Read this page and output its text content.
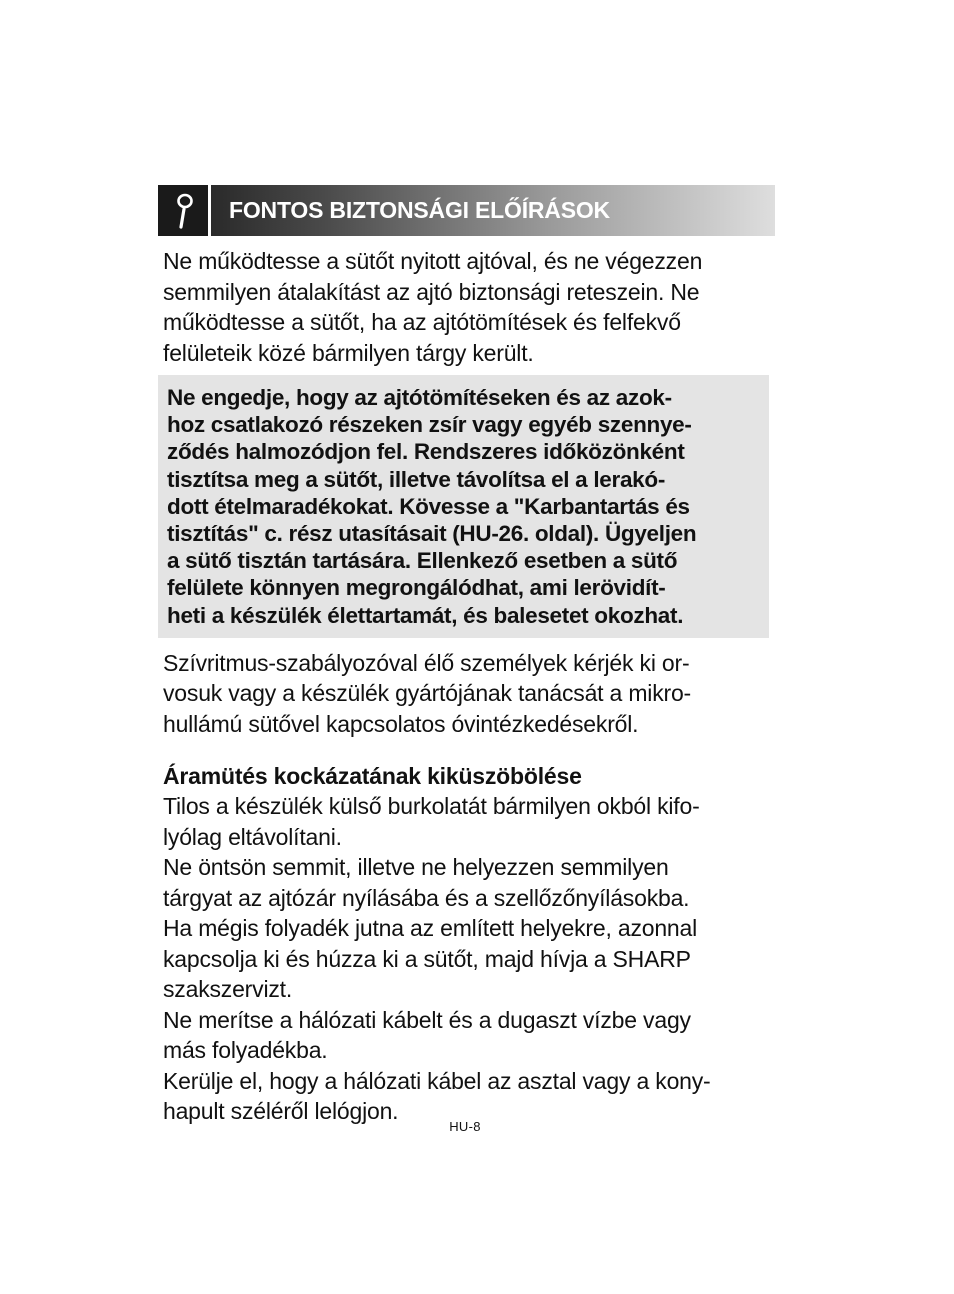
FONTOS BIZTONSÁGI ELŐÍRÁSOK

Ne működtesse a sütőt nyitott ajtóval, és ne végezzen
semmilyen átalakítást az ajtó biztonsági reteszein. Ne
működtesse a sütőt, ha az ajtótömítések és felfekvő
felületeik közé bármilyen tárgy került.

Ne engedje, hogy az ajtótömítéseken és az azok-
hoz csatlakozó részeken zsír vagy egyéb szennye-
ződés halmozódjon fel. Rendszeres időközönként
tisztítsa meg a sütőt, illetve távolítsa el a lerakó-
dott ételmaradékokat. Kövesse a "Karbantartás és
tisztítás" c. rész utasításait (HU-26. oldal). Ügyeljen
a sütő tisztán tartására. Ellenkező esetben a sütő
felülete könnyen megrongálódhat, ami lerövidít-
heti a készülék élettartamát, és balesetet okozhat.

Szívritmus-szabályozóval élő személyek kérjék ki or-
vosuk vagy a készülék gyártójának tanácsát a mikro-
hullámú sütővel kapcsolatos óvintézkedésekről.

Áramütés kockázatának kiküszöbölése

Tilos a készülék külső burkolatát bármilyen okból kifo-
lyólag eltávolítani.
Ne öntsön semmit, illetve ne helyezzen semmilyen
tárgyat az ajtózár nyílásába és a szellőzőnyílásokba.
Ha mégis folyadék jutna az említett helyekre, azonnal
kapcsolja ki és húzza ki a sütőt, majd hívja a SHARP
szakszervizt.
Ne merítse a hálózati kábelt és a dugaszt vízbe vagy
más folyadékba.
Kerülje el, hogy a hálózati kábel az asztal vagy a kony-
hapult széléről lelógjon.

HU-8
